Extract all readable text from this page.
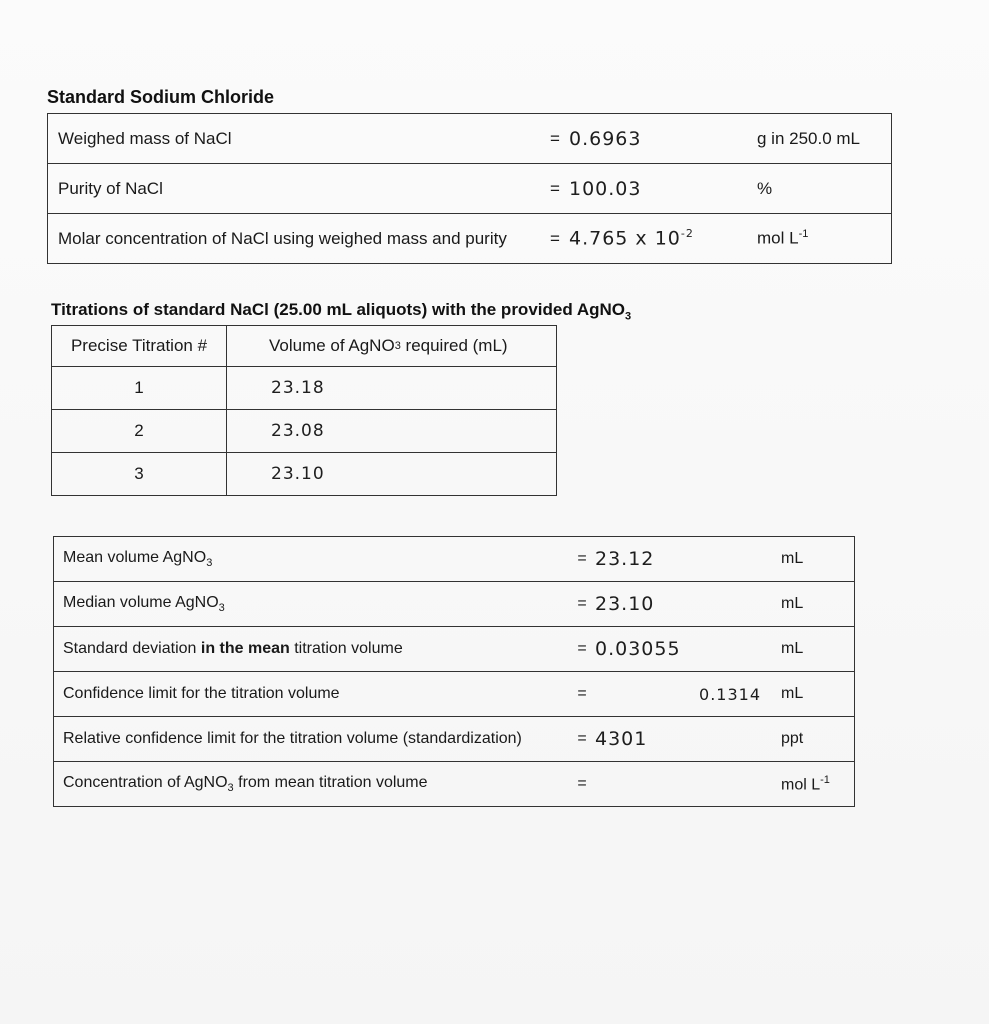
Standard Sodium Chloride
Weighed mass of NaCl	= 0.6963	g in 250.0 mL
Purity of NaCl	= 100.03	%
Molar concentration of NaCl using weighed mass and purity	= 4.765 x $10^{-2}$	mol $L^{-1}$
Titrations of standard NaCl (25.00 mL aliquots) with the provided AgNO$_3$
Precise Titration #	Volume of AgNO 3 required (mL)
1	23.18
2	23.08
3	23.10
Mean volume AgNO$_3$	= 23.12	mL
Median volume AgNO$_3$	= 23.10	mL
Standard deviation in the mean titration volume	= 0.03055	mL
Confidence limit for the titration volume	=	0.1314	mL
Relative confidence limit for the titration volume (standardization)	= 4301	ppt
Concentration of AgNO$_3$ from mean titration volume	=	mol $L^{-1}$
